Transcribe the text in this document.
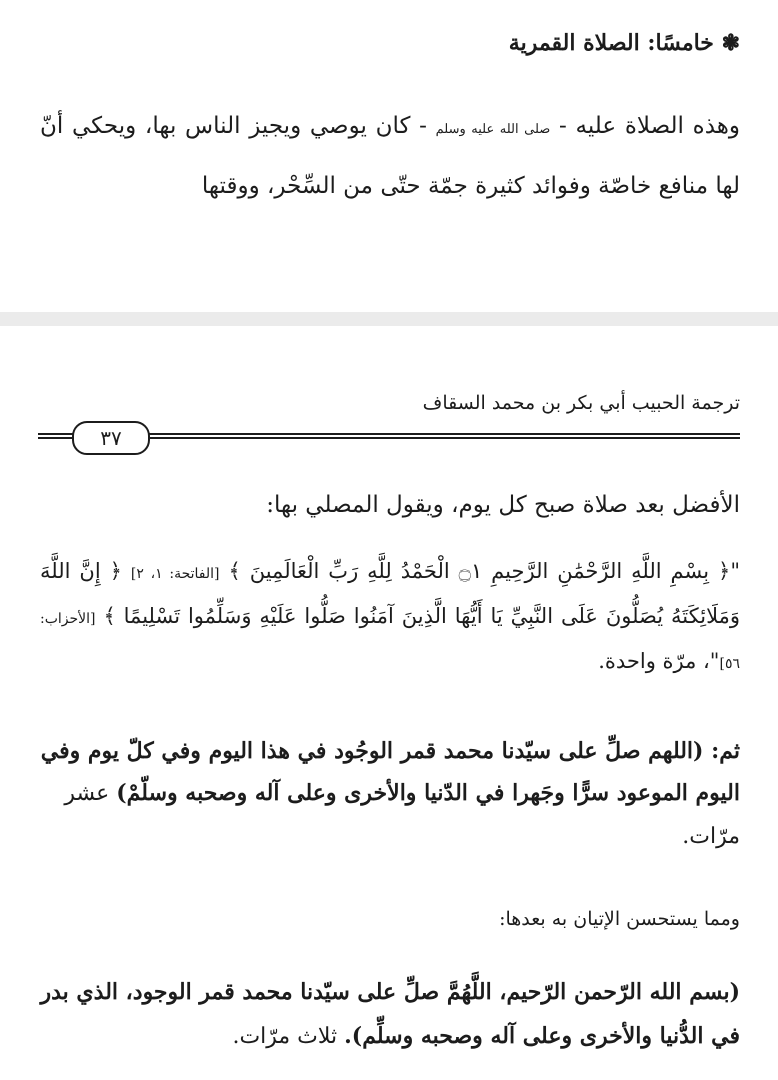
❃ خامسًا: الصلاة القمرية
وهذه الصلاة عليه - صلى الله عليه وسلم - كان يوصي ويجيز الناس بها، ويحكي أنّ لها منافع خاصّة وفوائد كثيرة جمّة حتّى من السِّحْر، ووقتها
ترجمة الحبيب أبي بكر بن محمد السقاف
٣٧
الأفضل بعد صلاة صبح كل يوم، ويقول المصلي بها:
"﴿ بِسْمِ اللَّهِ الرَّحْمَٰنِ الرَّحِيمِ ۝١ الْحَمْدُ لِلَّهِ رَبِّ الْعَالَمِينَ ﴾ [الفاتحة: ١، ٢] ﴿ إِنَّ اللَّهَ وَمَلَائِكَتَهُ يُصَلُّونَ عَلَى النَّبِيِّ يَا أَيُّهَا الَّذِينَ آمَنُوا صَلُّوا عَلَيْهِ وَسَلِّمُوا تَسْلِيمًا ﴾ [الأحزاب: ٥٦]"، مرّة واحدة.
ثم: (اللهم صلِّ على سيّدنا محمد قمر الوجُود في هذا اليوم وفي كلّ يوم وفي اليوم الموعود سرًّا وجَهرا في الدّنيا والأخرى وعلى آله وصحبه وسلّمْ) عشر مرّات.
ومما يستحسن الإتيان به بعدها:
(بسم الله الرّحمن الرّحيم، اللَّهُمَّ صلِّ على سيّدنا محمد قمر الوجود، الذي بدر في الدُّنيا والأخرى وعلى آله وصحبه وسلِّم). ثلاث مرّات.
